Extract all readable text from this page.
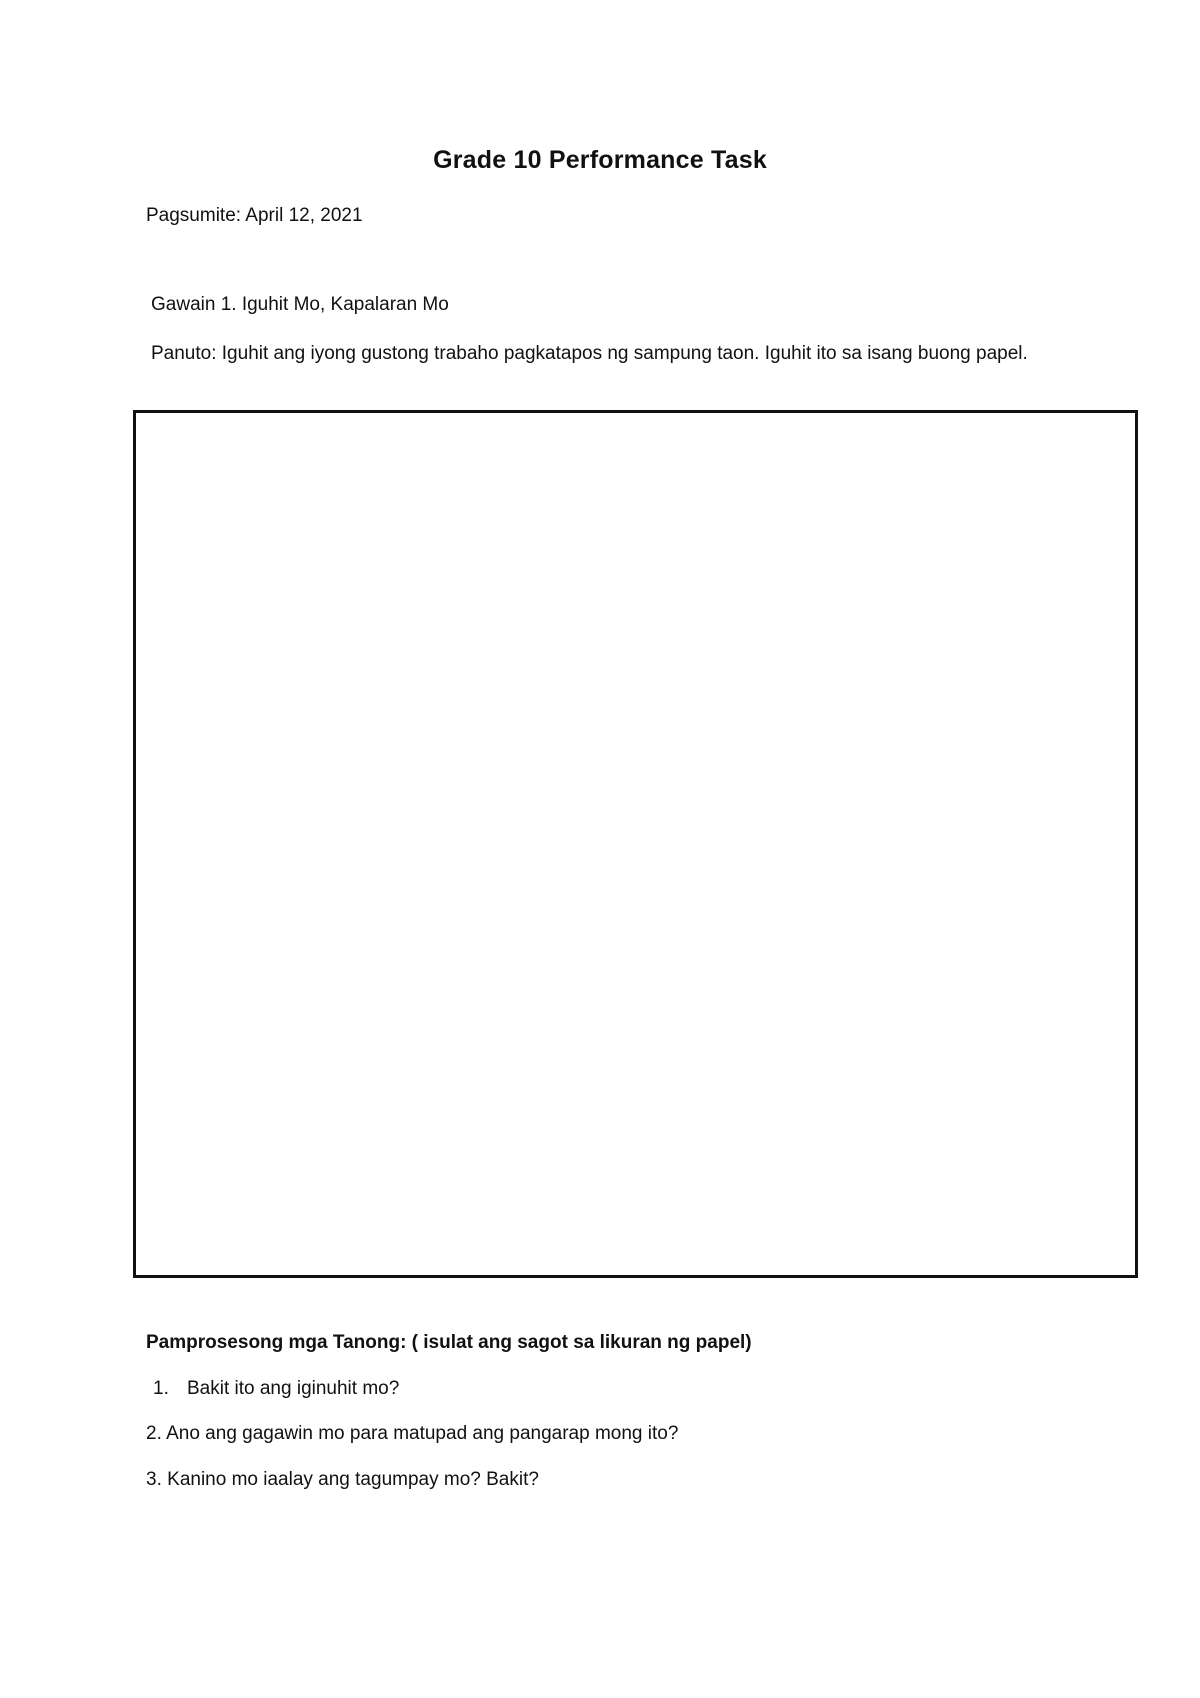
Grade 10 Performance Task
Pagsumite: April 12, 2021
Gawain 1. Iguhit Mo, Kapalaran Mo
Panuto: Iguhit ang iyong gustong trabaho pagkatapos ng sampung taon. Iguhit ito sa isang buong papel.
Pamprosesong mga Tanong: ( isulat ang sagot sa likuran ng papel)
1. Bakit ito ang iginuhit mo?
2. Ano ang gagawin mo para matupad ang pangarap mong ito?
3. Kanino mo iaalay ang tagumpay mo? Bakit?
